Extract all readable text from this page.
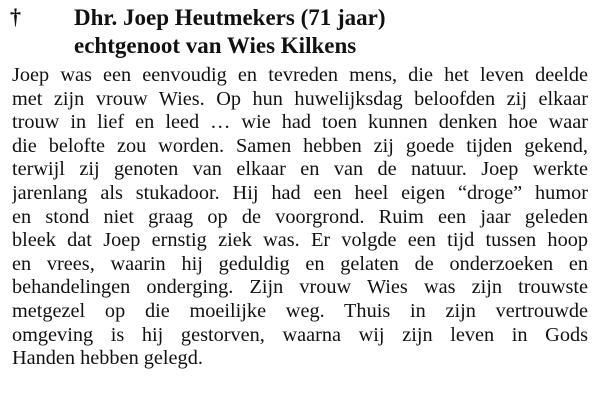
† Dhr. Joep Heutmekers (71 jaar)
echtgenoot van Wies Kilkens
Joep was een eenvoudig en tevreden mens, die het leven deelde
met zijn vrouw Wies. Op hun huwelijksdag beloofden zij elkaar
trouw in lief en leed … wie had toen kunnen denken hoe waar
die belofte zou worden. Samen hebben zij goede tijden gekend,
terwijl zij genoten van elkaar en van de natuur. Joep werkte
jarenlang als stukadoor. Hij had een heel eigen “droge” humor
en stond niet graag op de voorgrond. Ruim een jaar geleden
bleek dat Joep ernstig ziek was. Er volgde een tijd tussen hoop
en vrees, waarin hij geduldig en gelaten de onderzoeken en
behandelingen onderging. Zijn vrouw Wies was zijn trouwste
metgezel op die moeilijke weg. Thuis in zijn vertrouwde
omgeving is hij gestorven, waarna wij zijn leven in Gods
Handen hebben gelegd.
